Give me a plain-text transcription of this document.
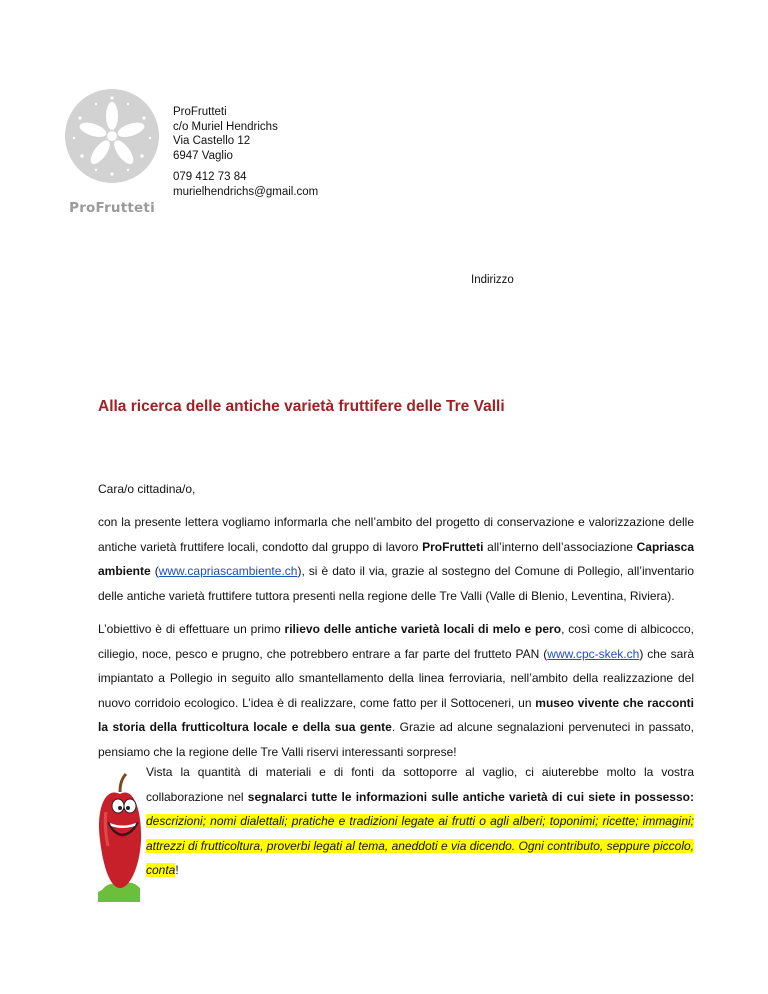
ProFrutteti
ProFrutteti
c/o Muriel Hendrichs
Via Castello 12
6947 Vaglio
079 412 73 84
murielhendrichs@gmail.com
Indirizzo
Alla ricerca delle antiche varietà fruttifere delle Tre Valli
Cara/o cittadina/o,
con la presente lettera vogliamo informarla che nell’ambito del progetto di conservazione e valorizzazione delle antiche varietà fruttifere locali, condotto dal gruppo di lavoro ProFrutteti all’interno dell’associazione Capriasca ambiente (www.capriascambiente.ch), si è dato il via, grazie al sostegno del Comune di Pollegio, all’inventario delle antiche varietà fruttifere tuttora presenti nella regione delle Tre Valli (Valle di Blenio, Leventina, Riviera).
L’obiettivo è di effettuare un primo rilievo delle antiche varietà locali di melo e pero, così come di albicocco, ciliegio, noce, pesco e prugno, che potrebbero entrare a far parte del frutteto PAN (www.cpc-skek.ch) che sarà impiantato a Pollegio in seguito allo smantellamento della linea ferroviaria, nell’ambito della realizzazione del nuovo corridoio ecologico. L’idea è di realizzare, come fatto per il Sottoceneri, un museo vivente che racconti la storia della frutticoltura locale e della sua gente. Grazie ad alcune segnalazioni pervenuteci in passato, pensiamo che la regione delle Tre Valli riservi interessanti sorprese!
Vista la quantità di materiali e di fonti da sottoporre al vaglio, ci aiuterebbe molto la vostra collaborazione nel segnalarci tutte le informazioni sulle antiche varietà di cui siete in possesso: descrizioni; nomi dialettali; pratiche e tradizioni legate ai frutti o agli alberi; toponimi; ricette; immagini; attrezzi di frutticoltura, proverbi legati al tema, aneddoti e via dicendo. Ogni contributo, seppure piccolo, conta!
